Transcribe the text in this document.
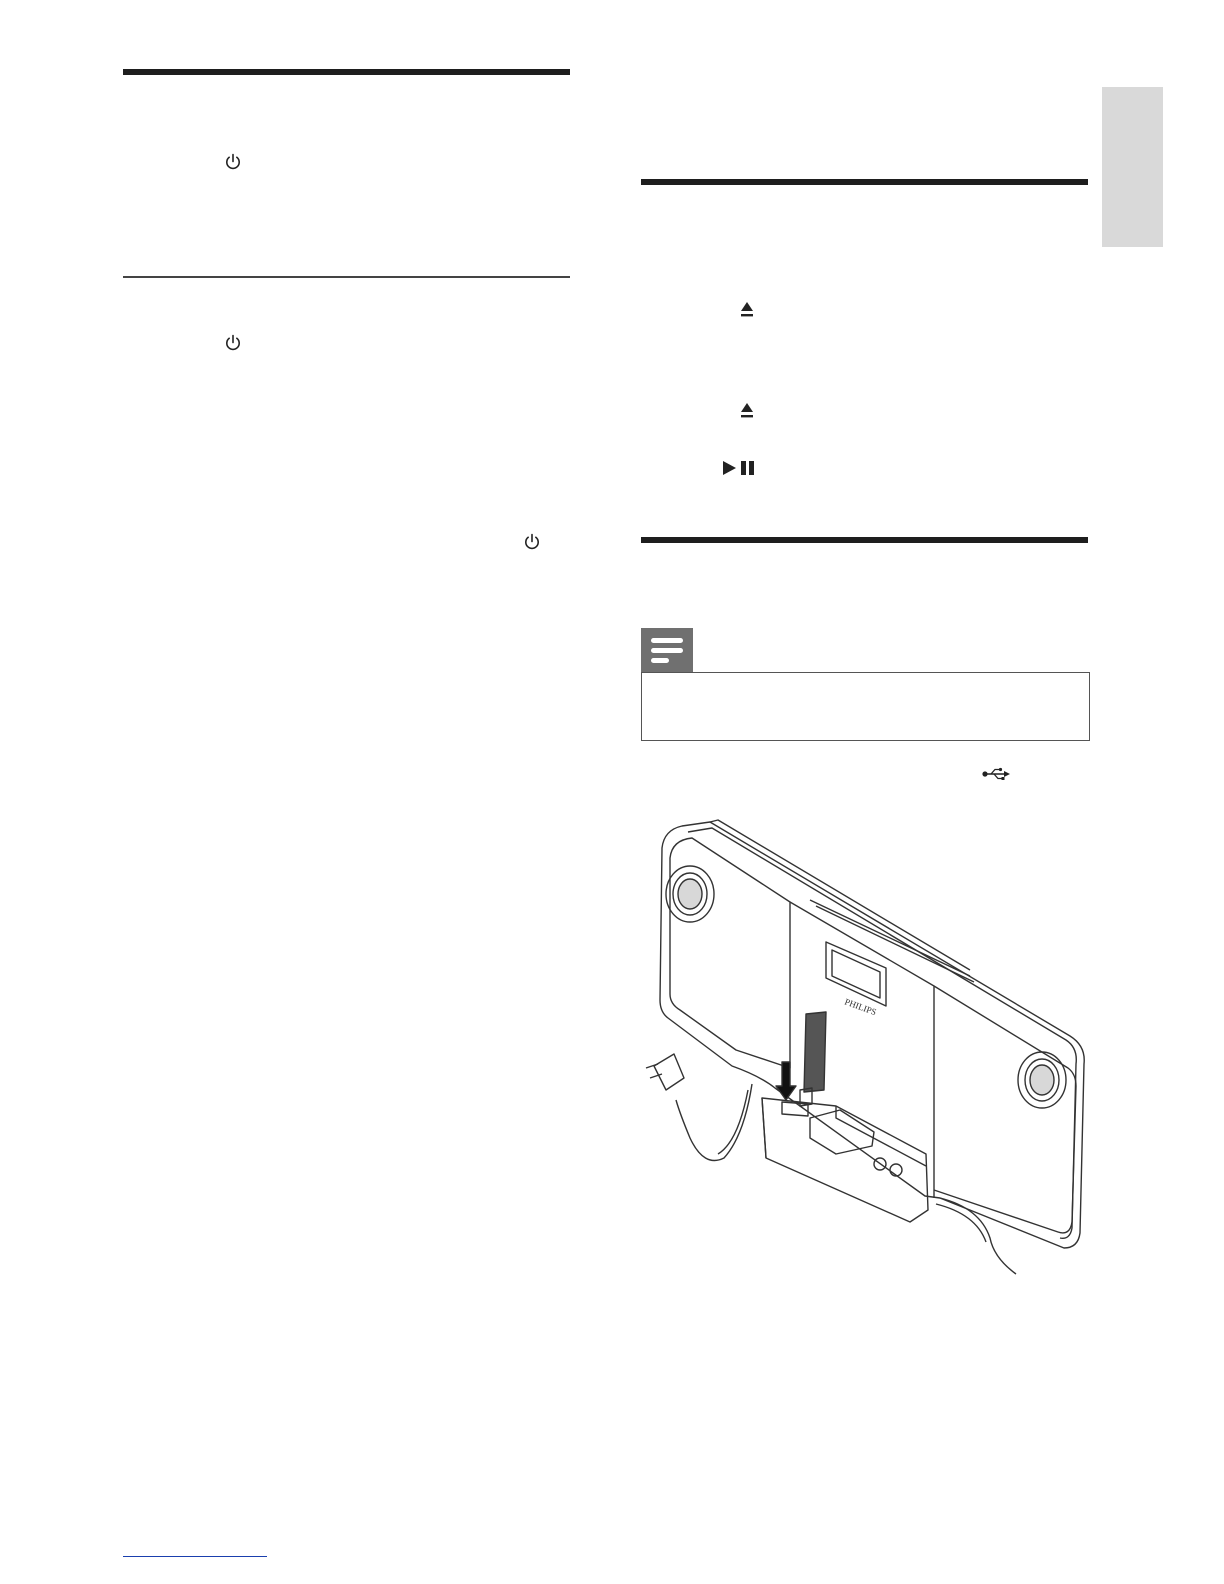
PHILIPS
